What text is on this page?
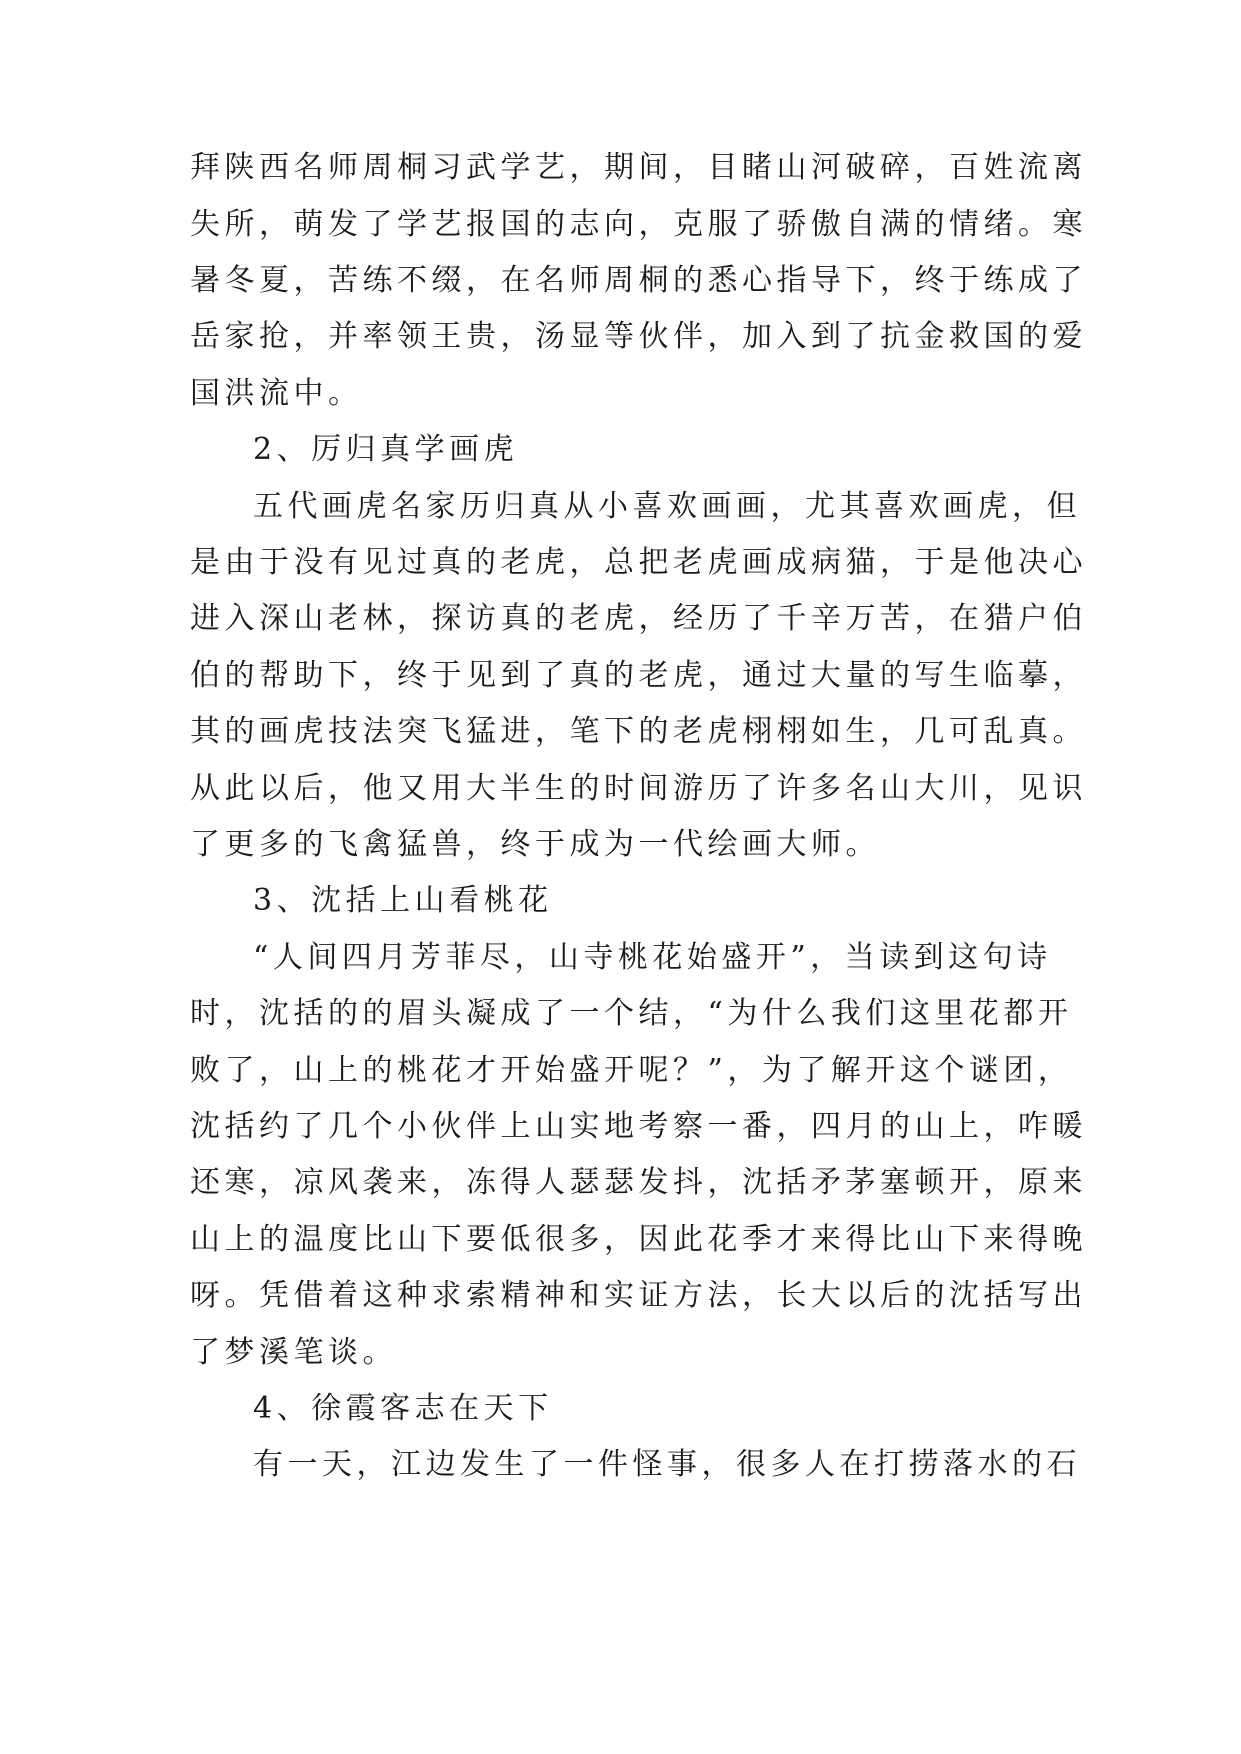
拜陕西名师周桐习武学艺，期间，目睹山河破碎，百姓流离
失所，萌发了学艺报国的志向，克服了骄傲自满的情绪。寒
暑冬夏，苦练不缀，在名师周桐的悉心指导下，终于练成了
岳家抢，并率领王贵，汤显等伙伴，加入到了抗金救国的爱
国洪流中。
2、厉归真学画虎
五代画虎名家历归真从小喜欢画画，尤其喜欢画虎，但
是由于没有见过真的老虎，总把老虎画成病猫，于是他决心
进入深山老林，探访真的老虎，经历了千辛万苦，在猎户伯
伯的帮助下，终于见到了真的老虎，通过大量的写生临摹，
其的画虎技法突飞猛进，笔下的老虎栩栩如生，几可乱真。
从此以后，他又用大半生的时间游历了许多名山大川，见识
了更多的飞禽猛兽，终于成为一代绘画大师。
3、沈括上山看桃花
“人间四月芳菲尽，山寺桃花始盛开”，当读到这句诗
时，沈括的的眉头凝成了一个结，“为什么我们这里花都开
败了，山上的桃花才开始盛开呢？”，为了解开这个谜团，
沈括约了几个小伙伴上山实地考察一番，四月的山上，咋暖
还寒，凉风袭来，冻得人瑟瑟发抖，沈括矛茅塞顿开，原来
山上的温度比山下要低很多，因此花季才来得比山下来得晚
呀。凭借着这种求索精神和实证方法，长大以后的沈括写出
了梦溪笔谈。
4、徐霞客志在天下
有一天，江边发生了一件怪事，很多人在打捞落水的石
